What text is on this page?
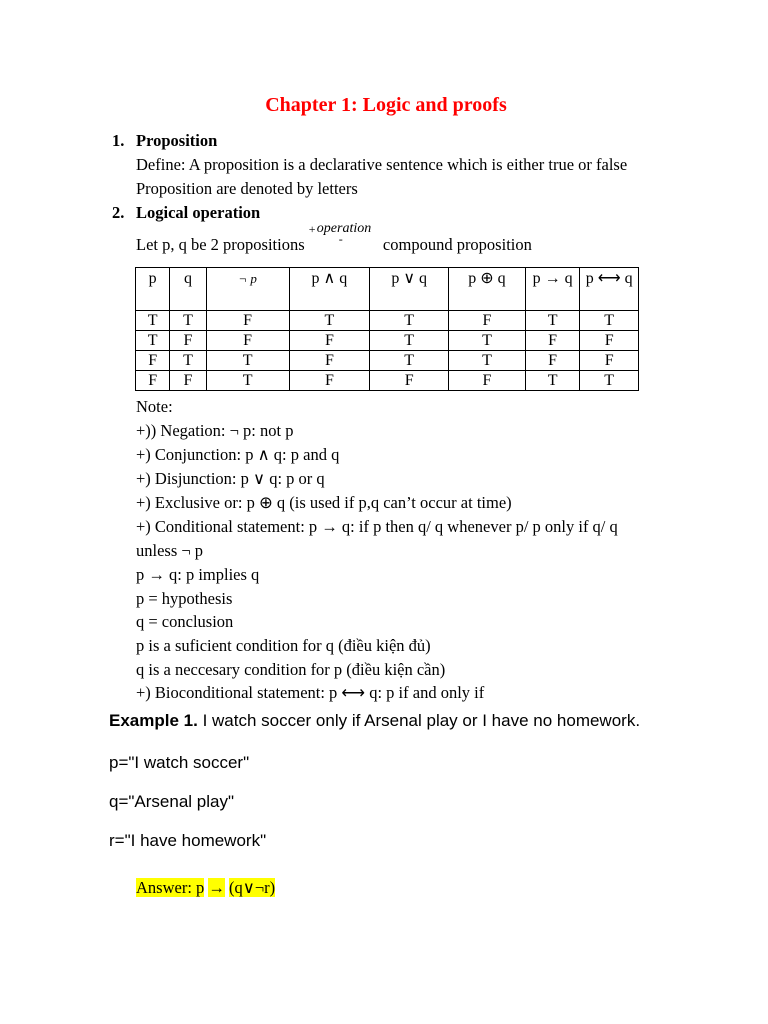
Chapter 1: Logic and proofs
1. Proposition
Define: A proposition is a declarative sentence which is either true or false
Proposition are denoted by letters
2. Logical operation
Let p, q be 2 propositions
+ operation
- compound proposition
p	q	¬ p	p ∧ q	p ∨ q	p ⊕ q	p → q	p ⟷ q
T	T	F	T	T	F	T	T
T	F	F	F	T	T	F	F
F	T	T	F	T	T	F	F
F	F	T	F	F	F	T	T
Note:
+)) Negation: ¬ p: not p
+) Conjunction: p ∧ q: p and q
+) Disjunction: p ∨ q: p or q
+) Exclusive or: p ⊕ q (is used if p,q can’t occur at time)
+) Conditional statement: p → q: if p then q/ q whenever p/ p only if q/ q
unless ¬ p
p → q: p implies q
p = hypothesis
q = conclusion
p is a suficient condition for q (điều kiện đủ)
q is a neccesary condition for p (điều kiện cần)
+) Bioconditional statement: p ⟷ q: p if and only if
Example 1. I watch soccer only if Arsenal play or I have no homework.
p="I watch soccer"
q="Arsenal play"
r="I have homework"
Answer: p → (q∨¬r)
